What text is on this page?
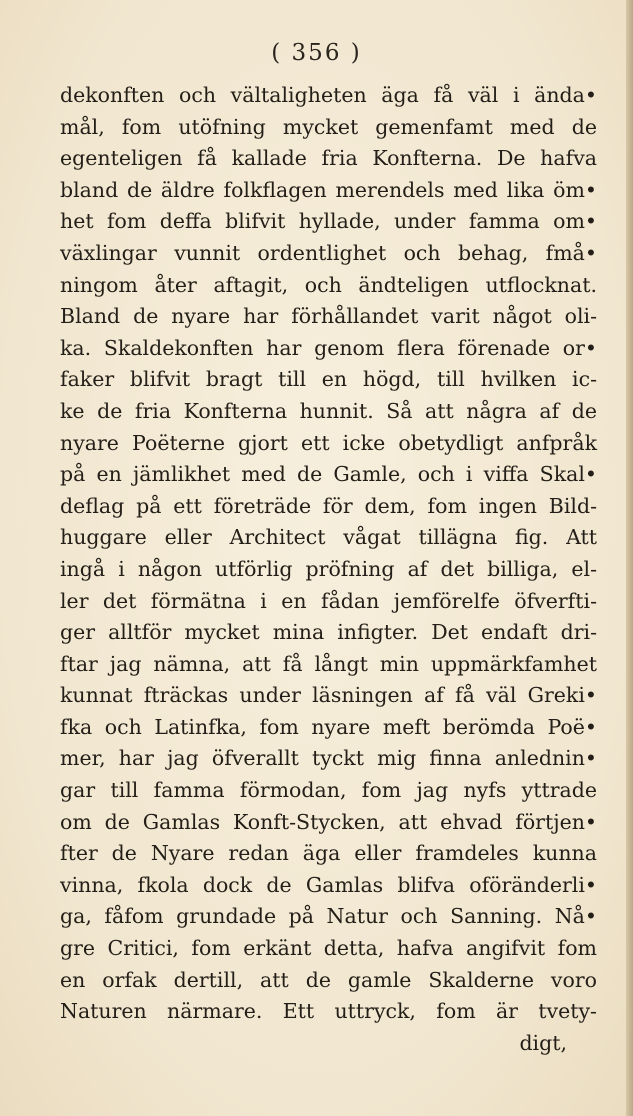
( 356 )
dekonften och vältaligheten äga få väl i ända•
mål, fom utöfning mycket gemenfamt med de
egenteligen få kallade fria Konfterna. De hafva
bland de äldre folkflagen merendels med lika öm•
het fom deffa blifvit hyllade, under famma om•
växlingar vunnit ordentlighet och behag, fmå•
ningom åter aftagit, och ändteligen utflocknat.
Bland de nyare har förhållandet varit något oli-
ka. Skaldekonften har genom flera förenade or•
faker blifvit bragt till en högd, till hvilken ic-
ke de fria Konfterna hunnit. Så att några af de
nyare Poëterne gjort ett icke obetydligt anfpråk
på en jämlikhet med de Gamle, och i viffa Skal•
deflag på ett företräde för dem, fom ingen Bild-
huggare eller Architect vågat tillägna fig. Att
ingå i någon utförlig pröfning af det billiga, el-
ler det förmätna i en fådan jemförelfe öfverfti-
ger alltför mycket mina infigter. Det endaft dri-
ftar jag nämna, att få långt min uppmärkfamhet
kunnat fträckas under läsningen af få väl Greki•
fka och Latinfka, fom nyare meft berömda Poë•
mer, har jag öfverallt tyckt mig finna anlednin•
gar till famma förmodan, fom jag nyfs yttrade
om de Gamlas Konft-Stycken, att ehvad förtjen•
fter de Nyare redan äga eller framdeles kunna
vinna, fkola dock de Gamlas blifva oföränderli•
ga, fåfom grundade på Natur och Sanning. Nå•
gre Critici, fom erkänt detta, hafva angifvit fom
en orfak dertill, att de gamle Skalderne voro
Naturen närmare. Ett uttryck, fom är tvety-
digt,
